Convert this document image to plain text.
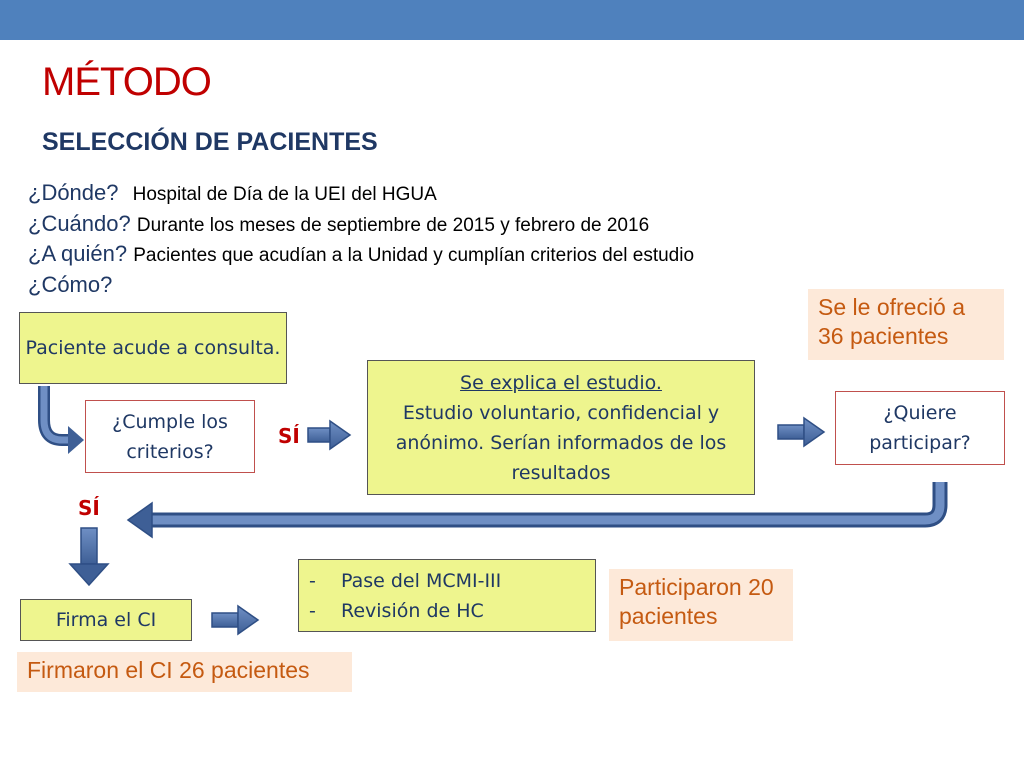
MÉTODO
SELECCIÓN DE PACIENTES
¿Dónde? Hospital de Día de la UEI del HGUA
¿Cuándo? Durante los meses de septiembre de 2015 y febrero de 2016
¿A quién? Pacientes que acudían a la Unidad y cumplían criterios del estudio
¿Cómo?
Paciente acude a consulta.
¿Cumple los criterios?
SÍ
Se explica el estudio.
Estudio voluntario, confidencial y anónimo. Serían informados de los resultados
¿Quiere participar?
Se le ofreció a 36 pacientes
SÍ
Firma el CI
- Pase del MCMI-III
- Revisión de HC
Participaron 20 pacientes
Firmaron el CI 26 pacientes
